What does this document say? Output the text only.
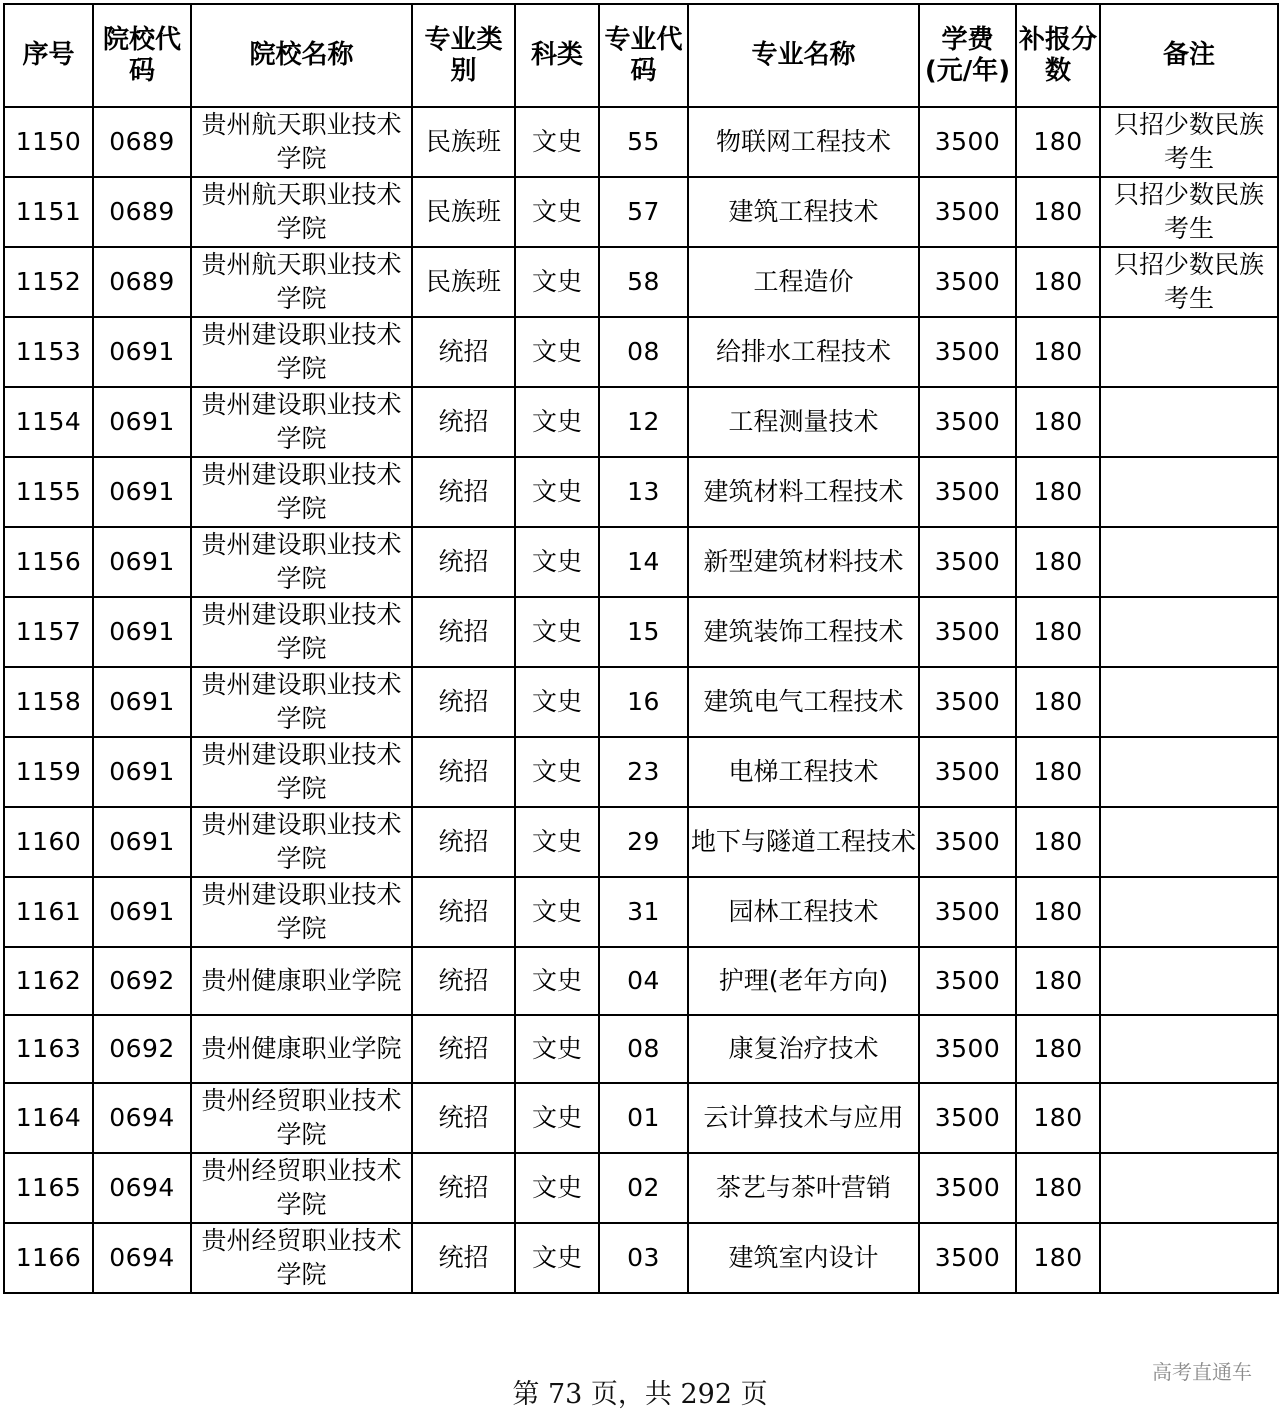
序号	院校代码	院校名称	专业类别	科类	专业代码	专业名称	学费(元/年)	补报分数	备注
1150	0689	贵州航天职业技术学院	民族班	文史	55	物联网工程技术	3500	180	只招少数民族考生
1151	0689	贵州航天职业技术学院	民族班	文史	57	建筑工程技术	3500	180	只招少数民族考生
1152	0689	贵州航天职业技术学院	民族班	文史	58	工程造价	3500	180	只招少数民族考生
1153	0691	贵州建设职业技术学院	统招	文史	08	给排水工程技术	3500	180	
1154	0691	贵州建设职业技术学院	统招	文史	12	工程测量技术	3500	180	
1155	0691	贵州建设职业技术学院	统招	文史	13	建筑材料工程技术	3500	180	
1156	0691	贵州建设职业技术学院	统招	文史	14	新型建筑材料技术	3500	180	
1157	0691	贵州建设职业技术学院	统招	文史	15	建筑装饰工程技术	3500	180	
1158	0691	贵州建设职业技术学院	统招	文史	16	建筑电气工程技术	3500	180	
1159	0691	贵州建设职业技术学院	统招	文史	23	电梯工程技术	3500	180	
1160	0691	贵州建设职业技术学院	统招	文史	29	地下与隧道工程技术	3500	180	
1161	0691	贵州建设职业技术学院	统招	文史	31	园林工程技术	3500	180	
1162	0692	贵州健康职业学院	统招	文史	04	护理(老年方向)	3500	180	
1163	0692	贵州健康职业学院	统招	文史	08	康复治疗技术	3500	180	
1164	0694	贵州经贸职业技术学院	统招	文史	01	云计算技术与应用	3500	180	
1165	0694	贵州经贸职业技术学院	统招	文史	02	茶艺与茶叶营销	3500	180	
1166	0694	贵州经贸职业技术学院	统招	文史	03	建筑室内设计	3500	180	
第 73 页，共 292 页
高考直通车
